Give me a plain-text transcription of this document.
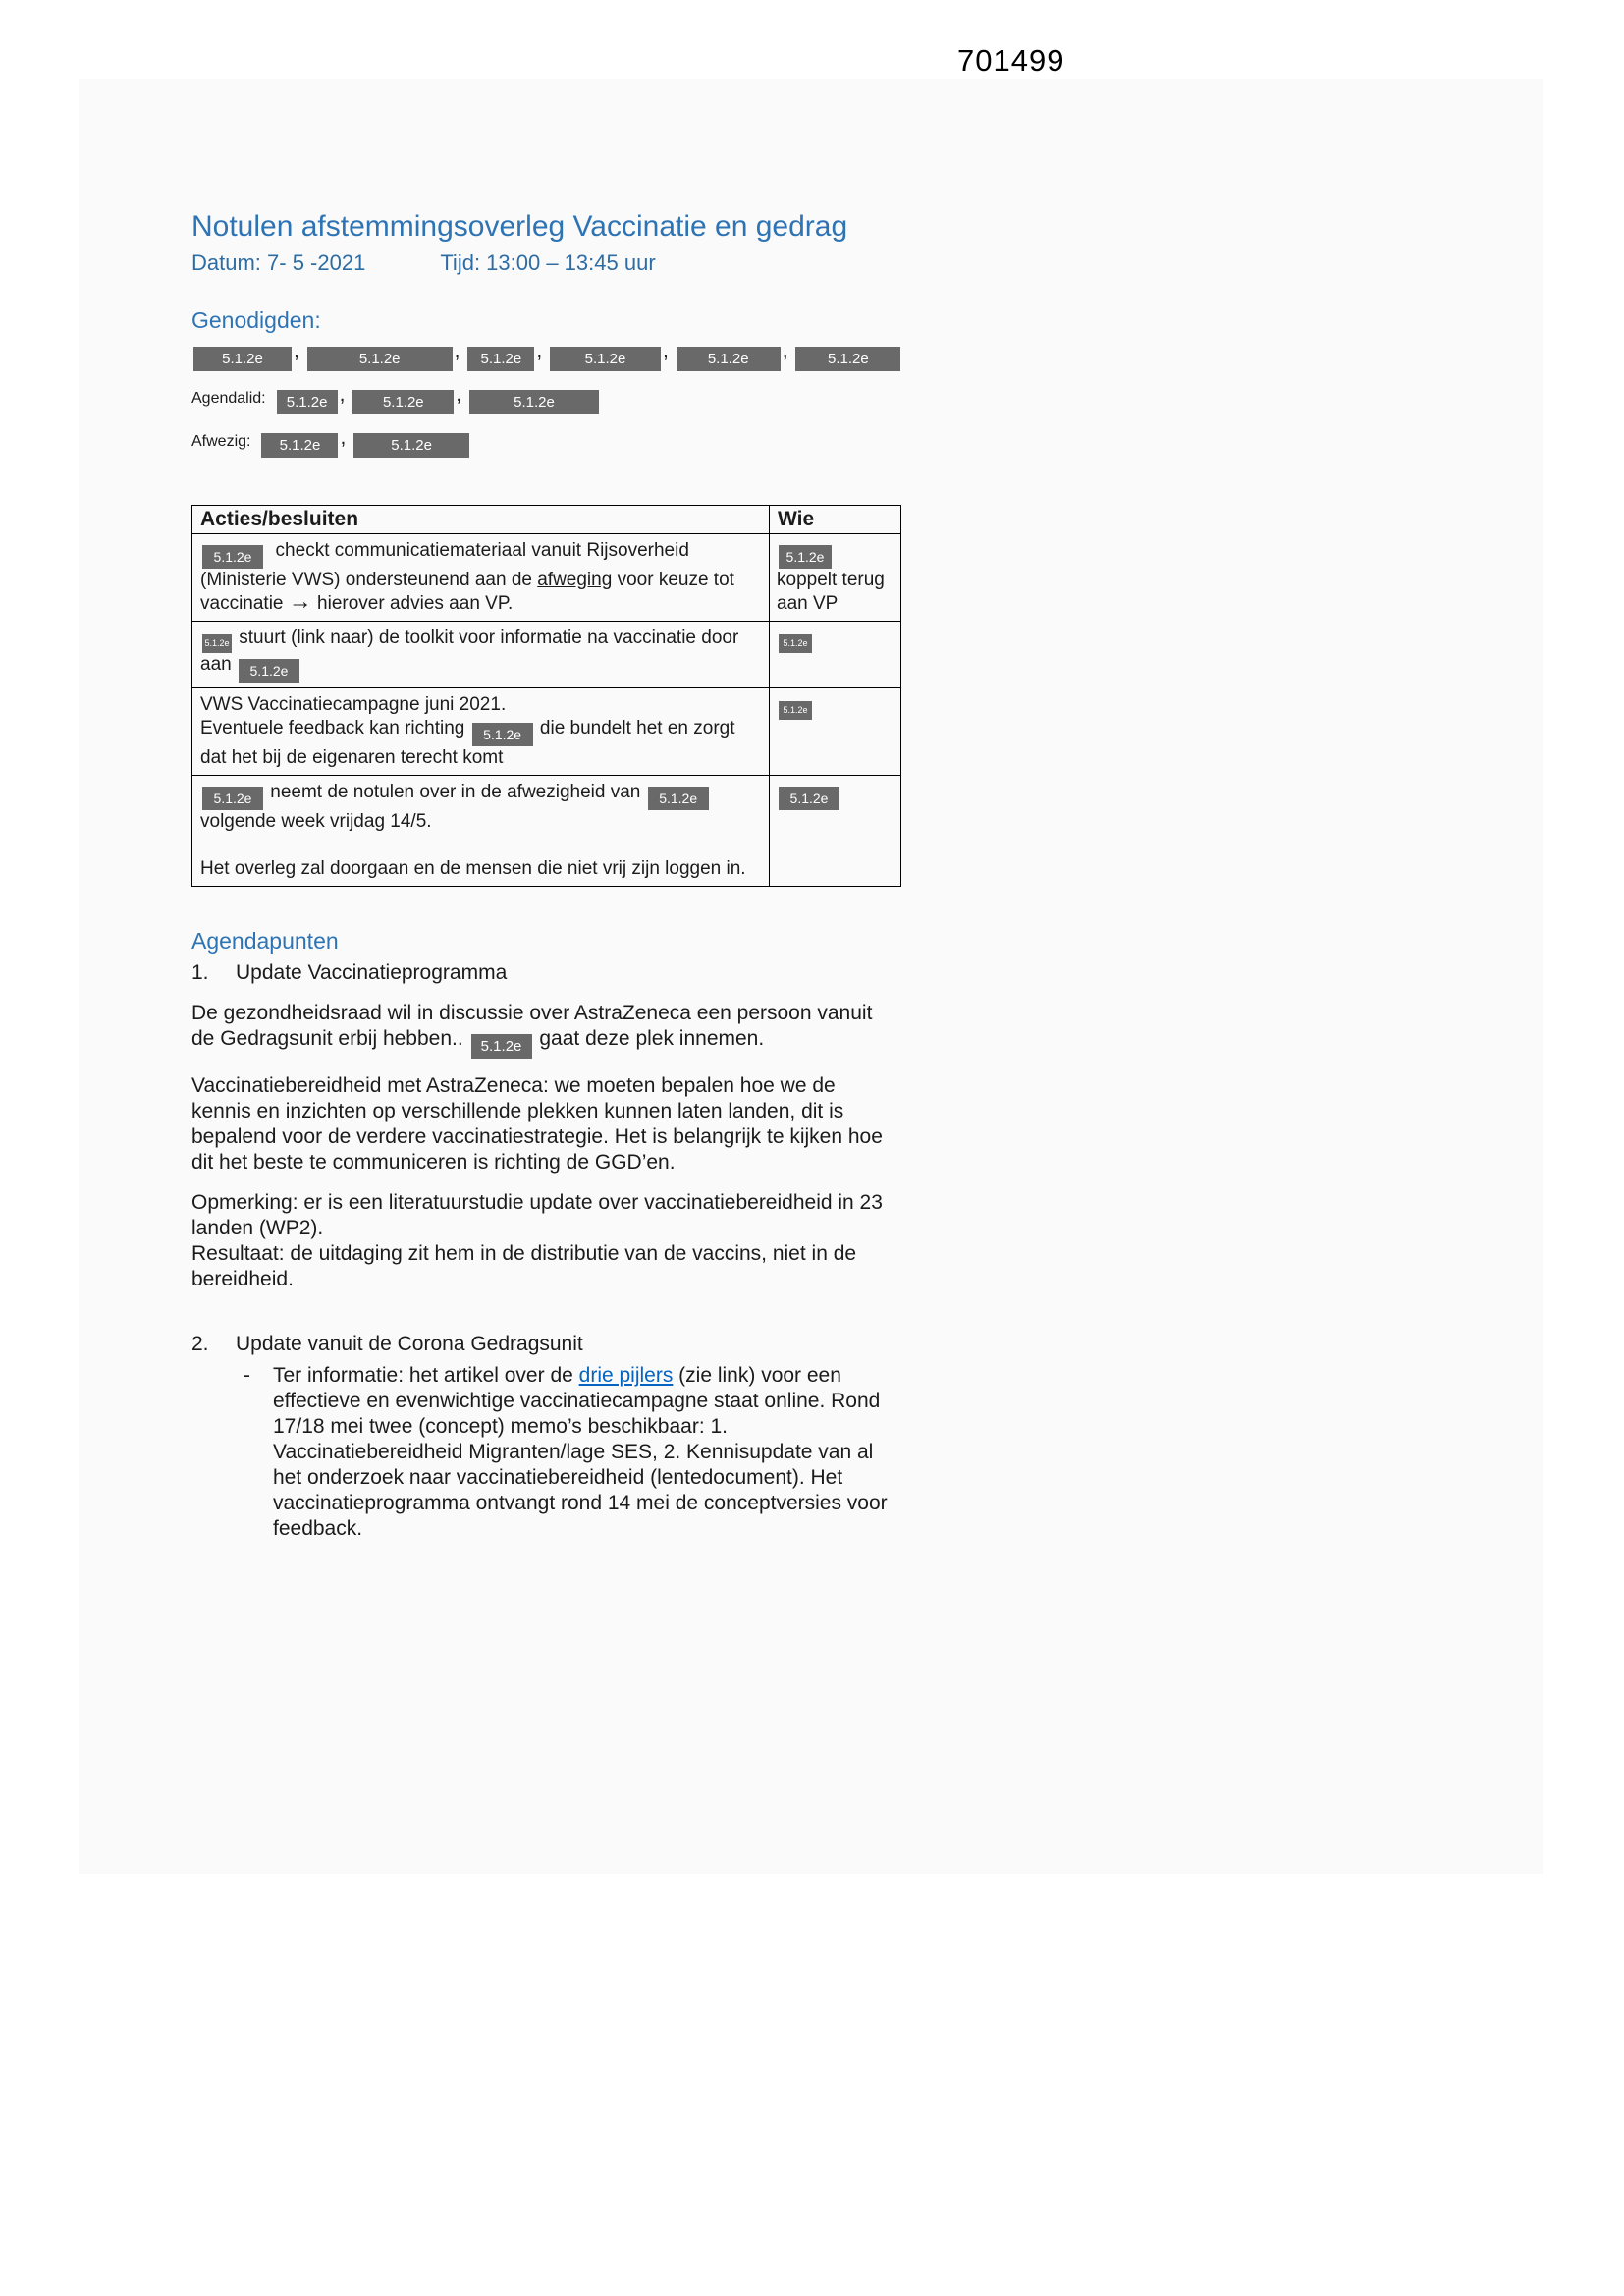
701499
Notulen afstemmingsoverleg Vaccinatie en gedrag
Datum: 7- 5 -2021	Tijd: 13:00 – 13:45 uur
Genodigden:
5.1.2e ,	5.1.2e	, 5.1.2e ,	5.1.2e , 5.1.2e , 5.1.2e
Agendalid:	5.1.2e , 5.1.2e ,	5.1.2e
Afwezig:	5.1.2e ,	5.1.2e
Acties/besluiten	Wie
5.1.2e  checkt communicatiemateriaal vanuit Rijsoverheid (Ministerie VWS) ondersteunend aan de afweging voor keuze tot vaccinatie → hierover advies aan VP.	5.1.2e koppelt terug aan VP
5.1.2e stuurt (link naar) de toolkit voor informatie na vaccinatie door aan 5.1.2e	5.1.2e
VWS Vaccinatiecampagne juni 2021.
Eventuele feedback kan richting 5.1.2e die bundelt het en zorgt dat het bij de eigenaren terecht komt	5.1.2e
5.1.2e neemt de notulen over in de afwezigheid van 5.1.2e volgende week vrijdag 14/5.

Het overleg zal doorgaan en de mensen die niet vrij zijn loggen in.	5.1.2e
Agendapunten
1.	Update Vaccinatieprogramma
De gezondheidsraad wil in discussie over AstraZeneca een persoon vanuit de Gedragsunit erbij hebben.. 5.1.2e gaat deze plek innemen.
Vaccinatiebereidheid met AstraZeneca: we moeten bepalen hoe we de kennis en inzichten op verschillende plekken kunnen laten landen, dit is bepalend voor de verdere vaccinatiestrategie. Het is belangrijk te kijken hoe dit het beste te communiceren is richting de GGD’en.
Opmerking: er is een literatuurstudie update over vaccinatiebereidheid in 23 landen (WP2).
Resultaat: de uitdaging zit hem in de distributie van de vaccins, niet in de bereidheid.
2.	Update vanuit de Corona Gedragsunit
-	Ter informatie: het artikel over de drie pijlers (zie link) voor een effectieve en evenwichtige vaccinatiecampagne staat online. Rond 17/18 mei twee (concept) memo’s beschikbaar: 1. Vaccinatiebereidheid Migranten/lage SES, 2. Kennisupdate van al het onderzoek naar vaccinatiebereidheid (lentedocument). Het vaccinatieprogramma ontvangt rond 14 mei de conceptversies voor feedback.
